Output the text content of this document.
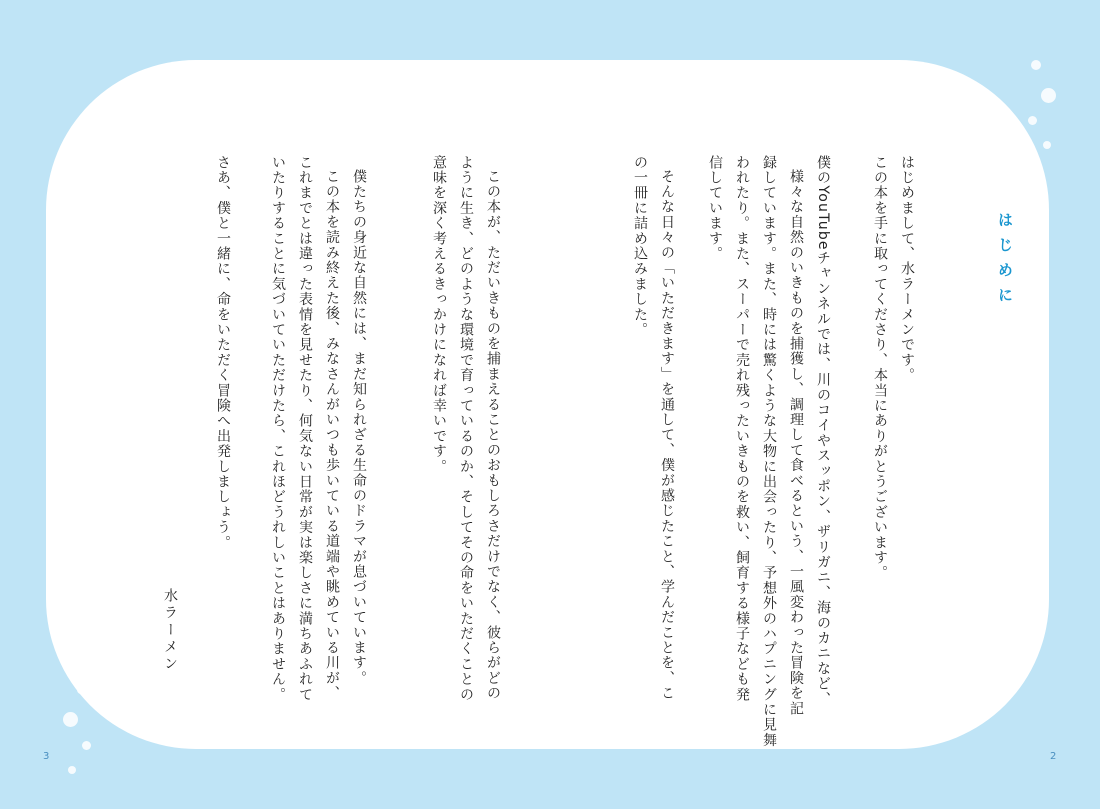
はじめに
はじめまして、水ラーメンです。
この本を手に取ってくださり、本当にありがとうございます。
僕のYouTubeチャンネルでは、川のコイやスッポン、ザリガニ、海のカニなど、
様々な自然のいきものを捕獲し、調理して食べるという、一風変わった冒険を記
録しています。また、時には驚くような大物に出会ったり、予想外のハプニングに見舞
われたり。また、スーパーで売れ残ったいきものを救い、飼育する様子なども発
信しています。
そんな日々の「いただきます」を通して、僕が感じたこと、学んだことを、こ
の一冊に詰め込みました。
この本が、ただいきものを捕まえることのおもしろさだけでなく、彼らがどの
ように生き、どのような環境で育っているのか、そしてその命をいただくことの
意味を深く考えるきっかけになれば幸いです。
僕たちの身近な自然には、まだ知られざる生命のドラマが息づいています。
この本を読み終えた後、みなさんがいつも歩いている道端や眺めている川が、
これまでとは違った表情を見せたり、何気ない日常が実は楽しさに満ちあふれて
いたりすることに気づいていただけたら、これほどうれしいことはありません。
さあ、僕と一緒に、命をいただく冒険へ出発しましょう。
水ラーメン
3	2
